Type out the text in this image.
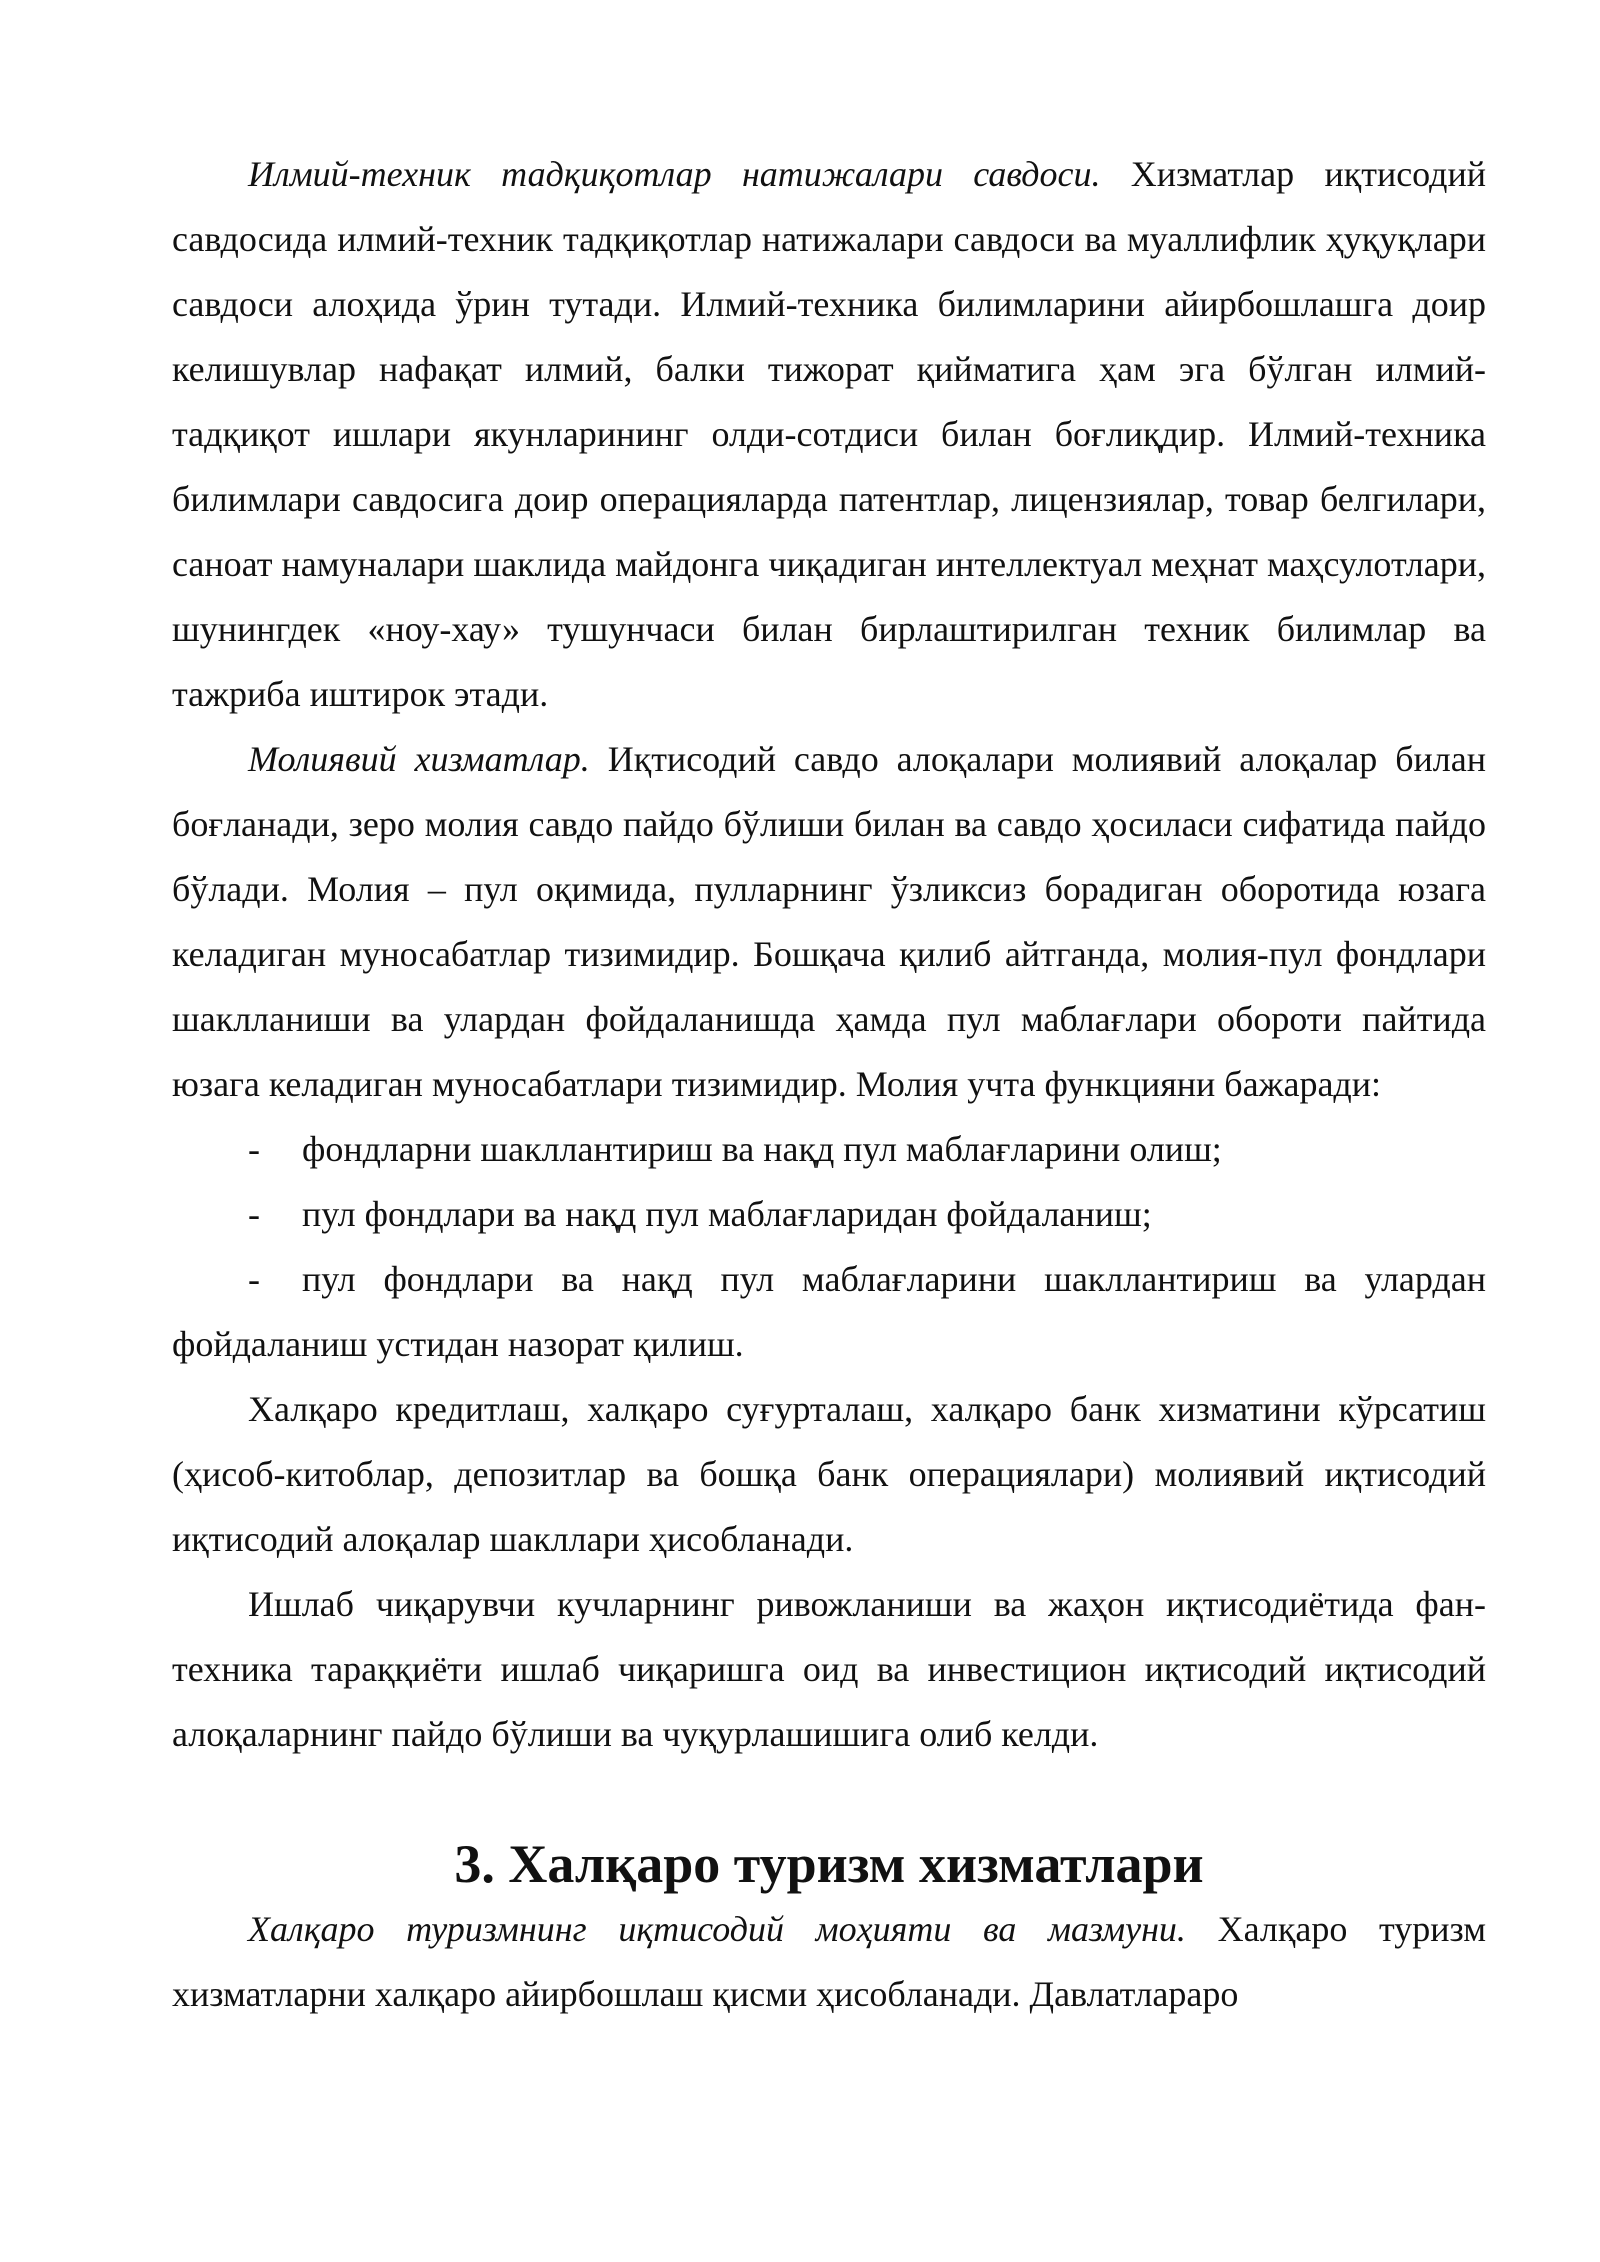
Илмий-техник тадқиқотлар натижалари савдоси. Хизматлар иқтисодий савдосида илмий-техник тадқиқотлар натижалари савдоси ва муаллифлик ҳуқуқлари савдоси алоҳида ўрин тутади. Илмий-техника билимларини айирбошлашга доир келишувлар нафақат илмий, балки тижорат қийматига ҳам эга бўлган илмий-тадқиқот ишлари якунларининг олди-сотдиси билан боғлиқдир. Илмий-техника билимлари савдосига доир операцияларда патентлар, лицензиялар, товар белгилари, саноат намуналари шаклида майдонга чиқадиган интеллектуал меҳнат маҳсулотлари, шунингдек «ноу-хау» тушунчаси билан бирлаштирилган техник билимлар ва тажриба иштирок этади.

Молиявий хизматлар. Иқтисодий савдо алоқалари молиявий алоқалар билан боғланади, зеро молия савдо пайдо бўлиши билан ва савдо ҳосиласи сифатида пайдо бўлади. Молия – пул оқимида, пулларнинг ўзликсиз борадиган оборотида юзага келадиган муносабатлар тизимидир. Бошқача қилиб айтганда, молия-пул фондлари шаклланиши ва улардан фойдаланишда ҳамда пул маблағлари обороти пайтида юзага келадиган муносабатлари тизимидир. Молия учта функцияни бажаради:

- фондларни шакллантириш ва нақд пул маблағларини олиш;
- пул фондлари ва нақд пул маблағларидан фойдаланиш;
- пул фондлари ва нақд пул маблағларини шакллантириш ва улардан фойдаланиш устидан назорат қилиш.

Халқаро кредитлаш, халқаро суғурталаш, халқаро банк хизматини кўрсатиш (ҳисоб-китоблар, депозитлар ва бошқа банк операциялари) молиявий иқтисодий иқтисодий алоқалар шакллари ҳисобланади.

Ишлаб чиқарувчи кучларнинг ривожланиши ва жаҳон иқтисодиётида фан-техника тараққиёти ишлаб чиқаришга оид ва инвестицион иқтисодий иқтисодий алоқаларнинг пайдо бўлиши ва чуқурлашишига олиб келди.

3. Халқаро туризм хизматлари

Халқаро туризмнинг иқтисодий моҳияти ва мазмуни. Халқаро туризм хизматларни халқаро айирбошлаш қисми ҳисобланади. Давлатлараро
